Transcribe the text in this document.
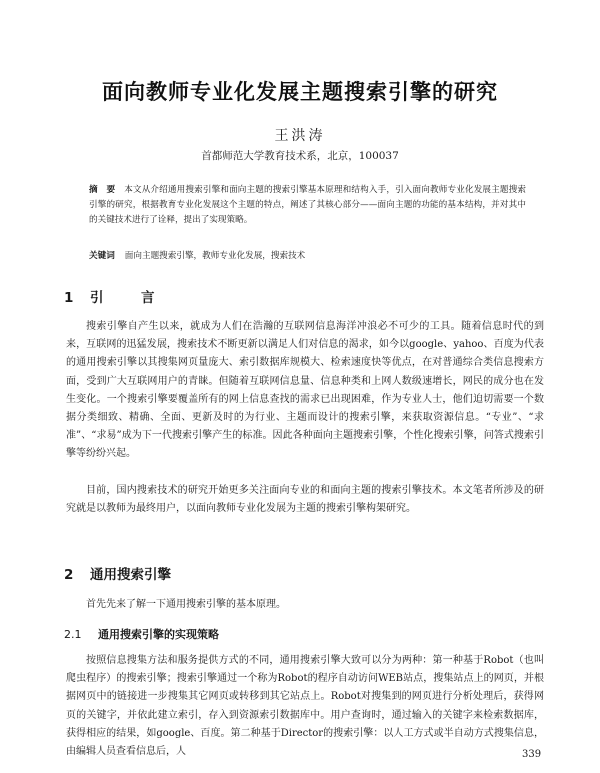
面向教师专业化发展主题搜索引擎的研究
王洪涛
首都师范大学教育技术系，北京，100037
摘　要 本文从介绍通用搜索引擎和面向主题的搜索引擎基本原理和结构入手，引入面向教师专业化发展主题搜索引擎的研究，根据教育专业化发展这个主题的特点，阐述了其核心部分——面向主题的功能的基本结构，并对其中的关键技术进行了诠释，提出了实现策略。
关键词 面向主题搜索引擎，教师专业化发展，搜索技术
1 引　言
搜索引擎自产生以来，就成为人们在浩瀚的互联网信息海洋冲浪必不可少的工具。随着信息时代的到来，互联网的迅猛发展，搜索技术不断更新以满足人们对信息的渴求，如今以google、yahoo、百度为代表的通用搜索引擎以其搜集网页量庞大、索引数据库规模大、检索速度快等优点，在对普通综合类信息搜索方面，受到广大互联网用户的青睐。但随着互联网信息量、信息种类和上网人数级速增长，网民的成分也在发生变化。一个搜索引擎要覆盖所有的网上信息查找的需求已出现困难，作为专业人士，他们迫切需要一个数据分类细致、精确、全面、更新及时的为行业、主题而设计的搜索引擎，来获取资源信息。“专业”、“求准”、“求易”成为下一代搜索引擎产生的标准。因此各种面向主题搜索引擎，个性化搜索引擎，问答式搜索引擎等纷纷兴起。
目前，国内搜索技术的研究开始更多关注面向专业的和面向主题的搜索引擎技术。本文笔者所涉及的研究就是以教师为最终用户，以面向教师专业化发展为主题的搜索引擎构架研究。
2 通用搜索引擎
首先先来了解一下通用搜索引擎的基本原理。
2.1 通用搜索引擎的实现策略
按照信息搜集方法和服务提供方式的不同，通用搜索引擎大致可以分为两种：第一种基于Robot（也叫爬虫程序）的搜索引擎；搜索引擎通过一个称为Robot的程序自动访问WEB站点，搜集站点上的网页，并根据网页中的链接进一步搜集其它网页或转移到其它站点上。Robot对搜集到的网页进行分析处理后，获得网页的关键字，并依此建立索引，存入到资源索引数据库中。用户查询时，通过输入的关键字来检索数据库，获得相应的结果，如google、百度。第二种基于Director的搜索引擎：以人工方式或半自动方式搜集信息，由编辑人员查看信息后，人	339
